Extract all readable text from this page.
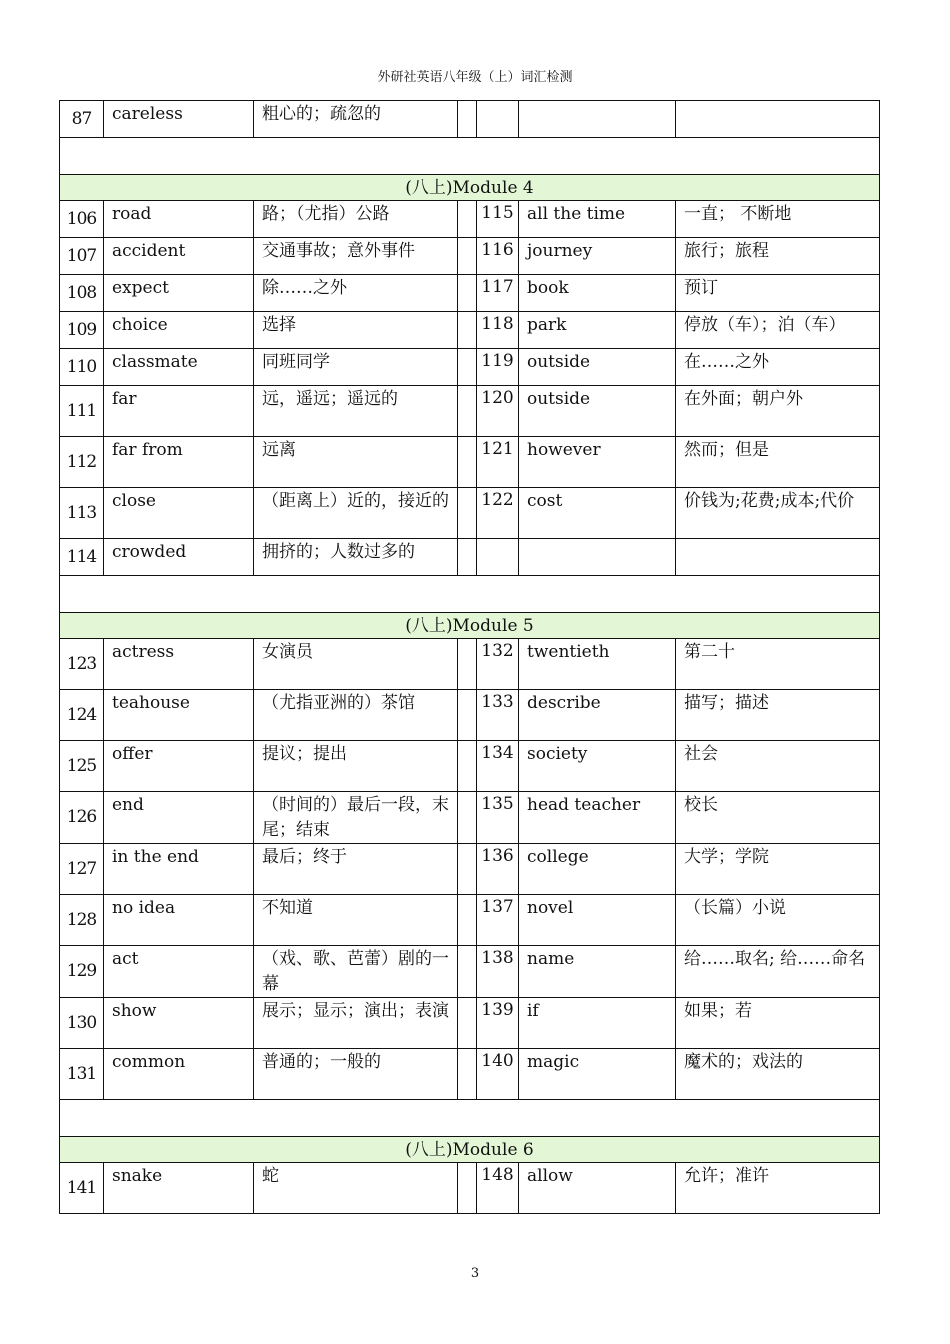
外研社英语八年级（上）词汇检测
87	careless	粗心的；疏忽的				

(八上)Module 4						
106	road	路；（尤指）公路		115	all the time	一直； 不断地
107	accident	交通事故；意外事件		116	journey	旅行；旅程
108	expect	除……之外		117	book	预订
109	choice	选择		118	park	停放（车）；泊（车）
110	classmate	同班同学		119	outside	在……之外
111	far	远，遥远；遥远的		120	outside	在外面；朝户外
112	far from	远离		121	however	然而；但是
113	close	（距离上）近的，接近的		122	cost	价钱为;花费;成本;代价
114	crowded	拥挤的；人数过多的				

(八上)Module 5						
123	actress	女演员		132	twentieth	第二十
124	teahouse	（尤指亚洲的）茶馆		133	describe	描写；描述
125	offer	提议；提出		134	society	社会
126	end	（时间的）最后一段，末尾；结束		135	head teacher	校长
127	in the end	最后；终于		136	college	大学；学院
128	no idea	不知道		137	novel	（长篇）小说
129	act	（戏、歌、芭蕾）剧的一幕		138	name	给……取名; 给……命名
130	show	展示；显示；演出；表演		139	if	如果；若
131	common	普通的；一般的		140	magic	魔术的；戏法的

(八上)Module 6						
141	snake	蛇		148	allow	允许；准许
3
